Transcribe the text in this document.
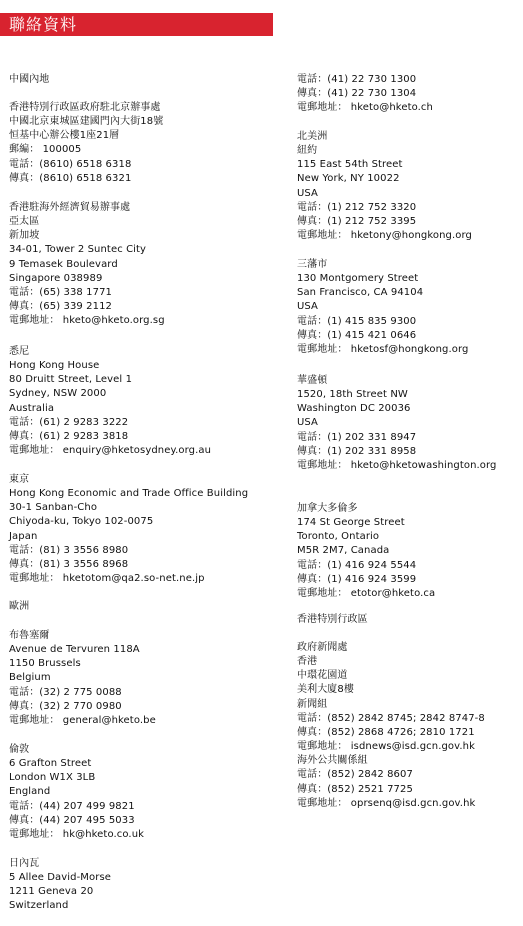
聯絡資料
中國內地
香港特別行政區政府駐北京辦事處
中國北京東城區建國門內大街18號
恒基中心辦公樓1座21層
郵編： 100005
電話：(8610) 6518 6318
傳真：(8610) 6518 6321
香港駐海外經濟貿易辦事處
亞太區
新加坡
34-01, Tower 2 Suntec City
9 Temasek Boulevard
Singapore 038989
電話：(65) 338 1771
傳真：(65) 339 2112
電郵地址： hketo@hketo.org.sg
悉尼
Hong Kong House
80 Druitt Street, Level 1
Sydney, NSW 2000
Australia
電話：(61) 2 9283 3222
傳真：(61) 2 9283 3818
電郵地址： enquiry@hketosydney.org.au
東京
Hong Kong Economic and Trade Office Building
30-1 Sanban-Cho
Chiyoda-ku, Tokyo 102-0075
Japan
電話：(81) 3 3556 8980
傳真：(81) 3 3556 8968
電郵地址： hketotom@qa2.so-net.ne.jp
歐洲
布魯塞爾
Avenue de Tervuren 118A
1150 Brussels
Belgium
電話：(32) 2 775 0088
傳真：(32) 2 770 0980
電郵地址： general@hketo.be
倫敦
6 Grafton Street
London W1X 3LB
England
電話：(44) 207 499 9821
傳真：(44) 207 495 5033
電郵地址： hk@hketo.co.uk
日內瓦
5 Allee David-Morse
1211 Geneva 20
Switzerland
電話：(41) 22 730 1300
傳真：(41) 22 730 1304
電郵地址： hketo@hketo.ch
北美洲
紐約
115 East 54th Street
New York, NY 10022
USA
電話：(1) 212 752 3320
傳真：(1) 212 752 3395
電郵地址： hketony@hongkong.org
三藩市
130 Montgomery Street
San Francisco, CA 94104
USA
電話：(1) 415 835 9300
傳真：(1) 415 421 0646
電郵地址： hketosf@hongkong.org
華盛頓
1520, 18th Street NW
Washington DC 20036
USA
電話：(1) 202 331 8947
傳真：(1) 202 331 8958
電郵地址： hketo@hketowashington.org
加拿大多倫多
174 St George Street
Toronto, Ontario
M5R 2M7, Canada
電話：(1) 416 924 5544
傳真：(1) 416 924 3599
電郵地址： etotor@hketo.ca
香港特別行政區
政府新聞處
香港
中環花園道
美利大廈8樓
新聞組
電話：(852) 2842 8745; 2842 8747-8
傳真：(852) 2868 4726; 2810 1721
電郵地址： isdnews@isd.gcn.gov.hk
海外公共關係組
電話：(852) 2842 8607
傳真：(852) 2521 7725
電郵地址： oprsenq@isd.gcn.gov.hk
